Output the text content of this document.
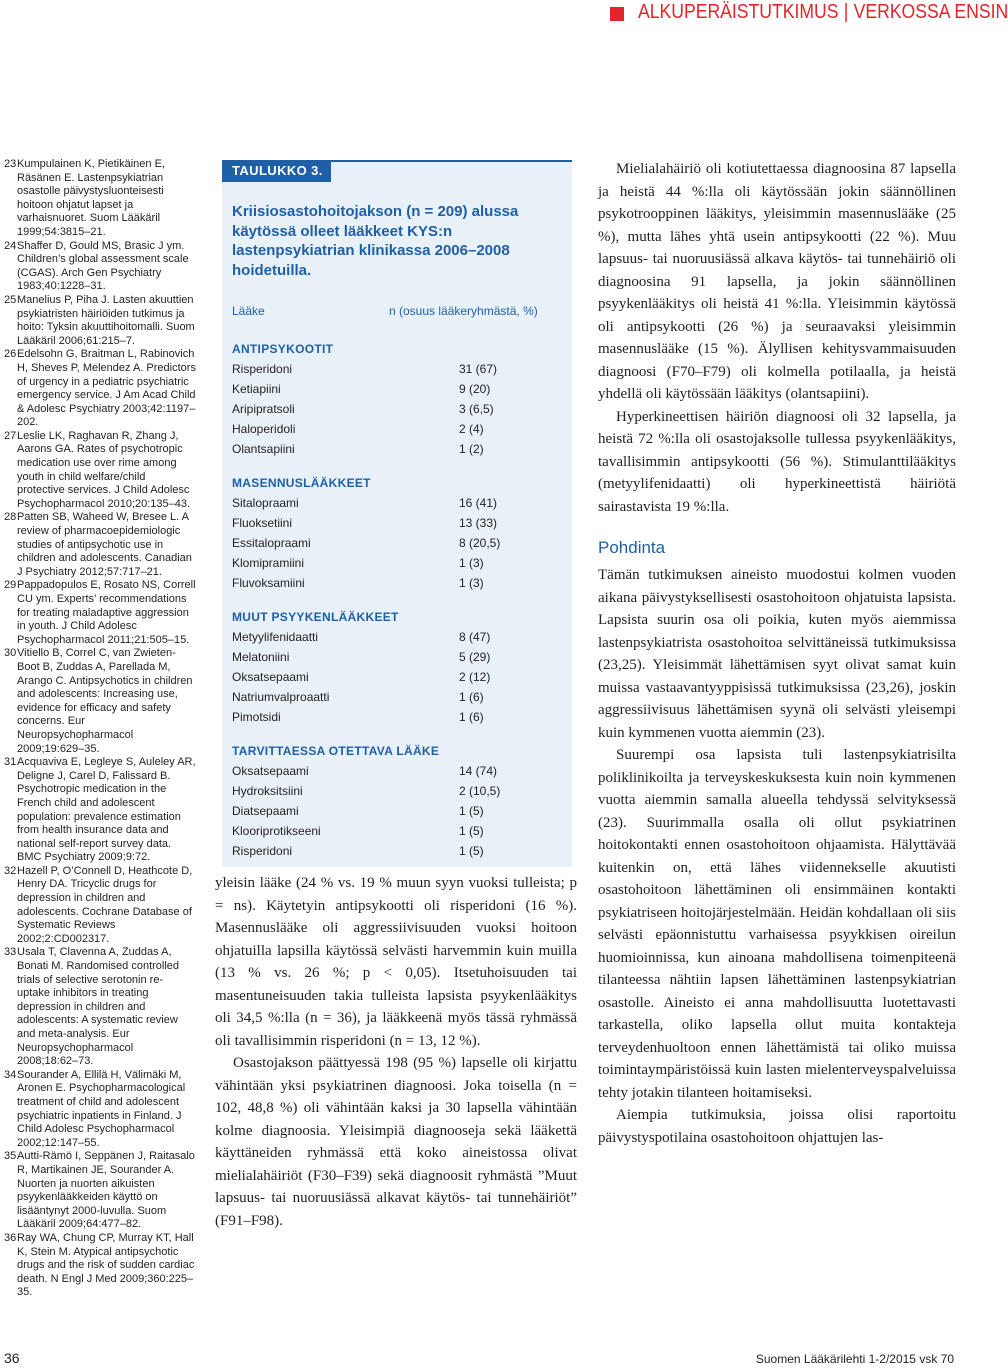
ALKUPERÄISTUTKIMUS | VERKOSSA ENSIN
23 Kumpulainen K, Pietikäinen E, Räsänen E. Lastenpsykiatrian osastolle päivystysluonteisesti hoitoon ohjatut lapset ja varhaisnuoret. Suom Lääkäril 1999;54:3815–21.
24 Shaffer D, Gould MS, Brasic J ym. Children’s global assessment scale (CGAS). Arch Gen Psychiatry 1983;40:1228–31.
25 Manelius P, Piha J. Lasten akuuttien psykiatristen häiriöiden tutkimus ja hoito: Tyksin akuuttihoitomalli. Suom Lääkäril 2006;61:215–7.
26 Edelsohn G, Braitman L, Rabinovich H, Sheves P, Melendez A. Predictors of urgency in a pediatric psychiatric emergency service. J Am Acad Child & Adolesc Psychiatry 2003;42:1197–202.
27 Leslie LK, Raghavan R, Zhang J, Aarons GA. Rates of psychotropic medication use over rime among youth in child welfare/child protective services. J Child Adolesc Psychopharmacol 2010;20:135–43.
28 Patten SB, Waheed W, Bresee L. A review of pharmacoepidemiologic studies of antipsychotic use in children and adolescents. Canadian J Psychiatry 2012;57:717–21.
29 Pappadopulos E, Rosato NS, Correll CU ym. Experts’ recommendations for treating maladaptive aggression in youth. J Child Adolesc Psychopharmacol 2011;21:505–15.
30 Vitiello B, Correl C, van Zwieten-Boot B, Zuddas A, Parellada M, Arango C. Antipsychotics in children and adolescents: Increasing use, evidence for efficacy and safety concerns. Eur Neuropsychopharmacol 2009;19:629–35.
31 Acquaviva E, Legleye S, Auleley AR, Deligne J, Carel D, Falissard B. Psychotropic medication in the French child and adolescent population: prevalence estimation from health insurance data and national self-report survey data. BMC Psychiatry 2009;9:72.
32 Hazell P, O’Connell D, Heathcote D, Henry DA. Tricyclic drugs for depression in children and adolescents. Cochrane Database of Systematic Reviews 2002;2:CD002317.
33 Usala T, Clavenna A, Zuddas A, Bonati M. Randomised controlled trials of selective serotonin re-uptake inhibitors in treating depression in children and adolescents: A systematic review and meta-analysis. Eur Neuropsychopharmacol 2008;18:62–73.
34 Sourander A, Ellilä H, Välimäki M, Aronen E. Psychopharmacological treatment of child and adolescent psychiatric inpatients in Finland. J Child Adolesc Psychopharmacol 2002;12:147–55.
35 Autti-Rämö I, Seppänen J, Raitasalo R, Martikainen JE, Sourander A. Nuorten ja nuorten aikuisten psyykenlääkkeiden käyttö on lisääntynyt 2000-luvulla. Suom Lääkäril 2009;64:477–82.
36 Ray WA, Chung CP, Murray KT, Hall K, Stein M. Atypical antipsychotic drugs and the risk of sudden cardiac death. N Engl J Med 2009;360:225–35.
TAULUKKO 3.
Kriisiosastohoitojakson (n = 209) alussa käytössä olleet lääkkeet KYS:n lastenpsykiatrian klinikassa 2006–2008 hoidetuilla.
Lääke	n (osuus lääkeryhmästä, %)
ANTIPSYKOOTIT
Risperidoni	31 (67)
Ketiapiini	9 (20)
Aripipratsoli	3 (6,5)
Haloperidoli	2 (4)
Olantsapiini	1 (2)
MASENNUSLÄÄKKEET
Sitalopraami	16 (41)
Fluoksetiini	13 (33)
Essitalopraami	8 (20,5)
Klomipramiini	1 (3)
Fluvoksamiini	1 (3)
MUUT PSYYKENLÄÄKKEET
Metyylifenidaatti	8 (47)
Melatoniini	5 (29)
Oksatsepaami	2 (12)
Natriumvalproaatti	1 (6)
Pimotsidi	1 (6)
TARVITTAESSA OTETTAVA LÄÄKE
Oksatsepaami	14 (74)
Hydroksitsiini	2 (10,5)
Diatsepaami	1 (5)
Klooriprotikseeni	1 (5)
Risperidoni	1 (5)

yleisin lääke (24 % vs. 19 % muun syyn vuoksi tulleista; p = ns). Käytetyin antipsykootti oli risperidoni (16 %). Masennuslääke oli aggressiivisuuden vuoksi hoitoon ohjatuilla lapsilla käytössä selvästi harvemmin kuin muilla (13 % vs. 26 %; p < 0,05). Itsetuhoisuuden tai masentuneisuuden takia tulleista lapsista psyykenlääkitys oli 34,5 %:lla (n = 36), ja lääkkeenä myös tässä ryhmässä oli tavallisimmin risperidoni (n = 13, 12 %).

Osastojakson päättyessä 198 (95 %) lapselle oli kirjattu vähintään yksi psykiatrinen diagnoosi. Joka toisella (n = 102, 48,8 %) oli vähintään kaksi ja 30 lapsella vähintään kolme diagnoosia. Yleisimpiä diagnooseja sekä lääkettä käyttäneiden ryhmässä että koko aineistossa olivat mielialahäiriöt (F30–F39) sekä diagnoosit ryhmästä ”Muut lapsuus- tai nuoruusiässä alkavat käytös- tai tunnehäiriöt” (F91–F98).

Mielialahäiriö oli kotiutettaessa diagnoosina 87 lapsella ja heistä 44 %:lla oli käytössään jokin säännöllinen psykotrooppinen lääkitys, yleisimmin masennuslääke (25 %), mutta lähes yhtä usein antipsykootti (22 %). Muu lapsuus- tai nuoruusiässä alkava käytös- tai tunnehäiriö oli diagnoosina 91 lapsella, ja jokin säännöllinen psyykenlääkitys oli heistä 41 %:lla. Yleisimmin käytössä oli antipsykootti (26 %) ja seuraavaksi yleisimmin masennuslääke (15 %). Älyllisen kehitysvammaisuuden diagnoosi (F70–F79) oli kolmella potilaalla, ja heistä yhdellä oli käytössään lääkitys (olantsapiini).

Hyperkineettisen häiriön diagnoosi oli 32 lapsella, ja heistä 72 %:lla oli osastojaksolle tullessa psyykenlääkitys, tavallisimmin antipsykootti (56 %). Stimulanttilääkitys (metyylifenidaatti) oli hyperkineettistä häiriötä sairastavista 19 %:lla.

Pohdinta

Tämän tutkimuksen aineisto muodostui kolmen vuoden aikana päivystyksellisesti osastohoitoon ohjatuista lapsista. Lapsista suurin osa oli poikia, kuten myös aiemmissa lastenpsykiatrista osastohoitoa selvittäneissä tutkimuksissa (23,25). Yleisimmät lähettämisen syyt olivat samat kuin muissa vastaavantyyppisissä tutkimuksissa (23,26), joskin aggressiivisuus lähettämisen syynä oli selvästi yleisempi kuin kymmenen vuotta aiemmin (23).

Suurempi osa lapsista tuli lastenpsykiatrisilta poliklinikoilta ja terveyskeskuksesta kuin noin kymmenen vuotta aiemmin samalla alueella tehdyssä selvityksessä (23). Suurimmalla osalla oli ollut psykiatrinen hoitokontakti ennen osastohoitoon ohjaamista. Hälyttävää kuitenkin on, että lähes viidennekselle akuutisti osastohoitoon lähettäminen oli ensimmäinen kontakti psykiatriseen hoitojärjestelmään. Heidän kohdallaan oli siis selvästi epäonnistuttu varhaisessa psyykkisen oireilun huomioinnissa, kun ainoana mahdollisena toimenpiteenä tilanteessa nähtiin lapsen lähettäminen lastenpsykiatrian osastolle. Aineisto ei anna mahdollisuutta luotettavasti tarkastella, oliko lapsella ollut muita kontakteja terveydenhuoltoon ennen lähettämistä tai oliko muissa toimintaympäristöissä kuin lasten mielenterveyspalveluissa tehty jotakin tilanteen hoitamiseksi.

Aiempia tutkimuksia, joissa olisi raportoitu päivystyspotilaina osastohoitoon ohjattujen las-

36	Suomen Lääkärilehti 1-2/2015 vsk 70
